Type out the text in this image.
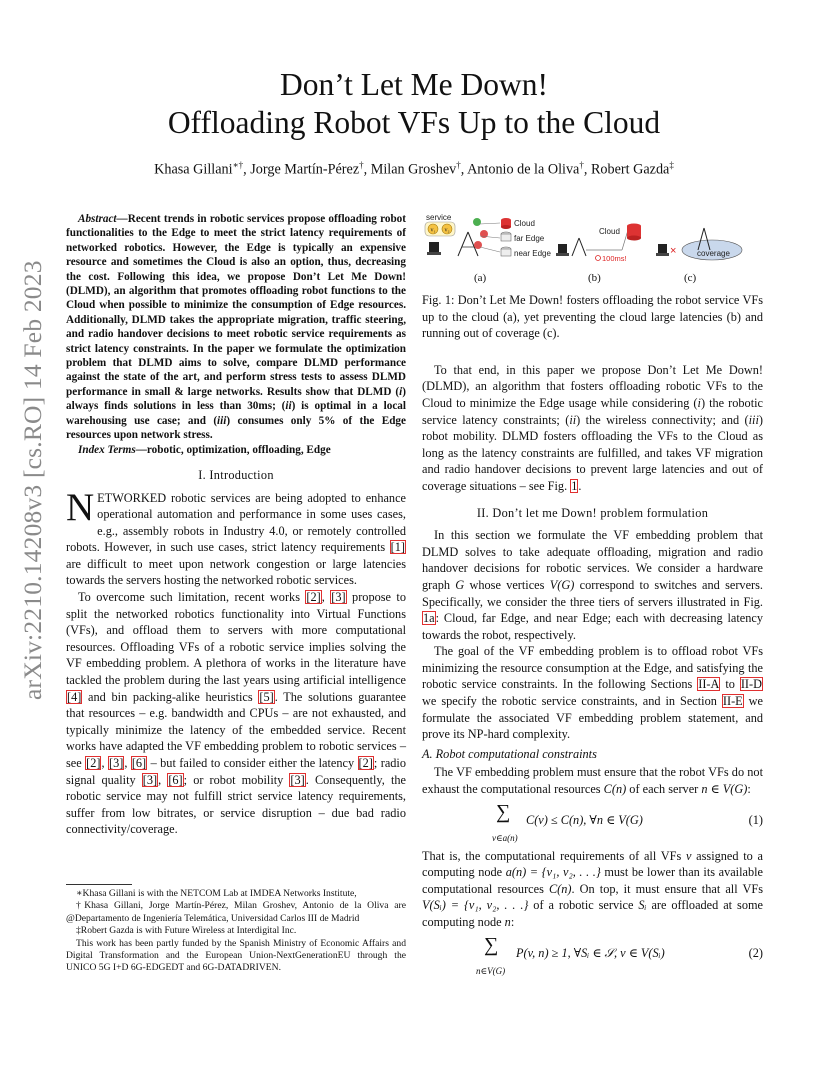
arXiv:2210.14208v3 [cs.RO] 14 Feb 2023
Don’t Let Me Down!
Offloading Robot VFs Up to the Cloud
Khasa Gillani∗†, Jorge Martín-Pérez†, Milan Groshev†, Antonio de la Oliva†, Robert Gazda‡

Abstract—Recent trends in robotic services propose offloading robot functionalities to the Edge to meet the strict latency requirements of networked robotics. However, the Edge is typically an expensive resource and sometimes the Cloud is also an option, thus, decreasing the cost. Following this idea, we propose Don’t Let Me Down! (DLMD), an algorithm that promotes offloading robot functions to the Cloud when possible to minimize the consumption of Edge resources. Additionally, DLMD takes the appropriate migration, traffic steering, and radio handover decisions to meet robotic service requirements as strict latency constraints. In the paper we formulate the optimization problem that DLMD aims to solve, compare DLMD performance against the state of the art, and perform stress tests to assess DLMD performance in small & large networks. Results show that DLMD (i) always finds solutions in less than 30ms; (ii) is optimal in a local warehousing use case; and (iii) consumes only 5% of the Edge resources upon network stress.

Index Terms—robotic, optimization, offloading, Edge

I. Introduction

NETWORKED robotic services are being adopted to enhance operational automation and performance in some uses cases, e.g., assembly robots in Industry 4.0, or remotely controlled robots. However, in such use cases, strict latency requirements [1] are difficult to meet upon network congestion or large latencies towards the servers hosting the networked robotic services.

To overcome such limitation, recent works [2], [3] propose to split the networked robotics functionality into Virtual Functions (VFs), and offload them to servers with more computational resources. Offloading VFs of a robotic service implies solving the VF embedding problem. A plethora of works in the literature have tackled the problem during the last years using artificial intelligence [4] and bin packing-alike heuristics [5]. The solutions guarantee that resources – e.g. bandwidth and CPUs – are not exhausted, and typically minimize the latency of the embedded service. Recent works have adapted the VF embedding problem to robotic services – see [2], [3], [6] – but failed to consider either the latency [2]; radio signal quality [3], [6]; or robot mobility [3]. Consequently, the robotic service may not fulfill strict service latency requirements, suffer from low bitrates, or service disruption – due bad radio connectivity/coverage.

∗Khasa Gillani is with the NETCOM Lab at IMDEA Networks Institute,
†Khasa Gillani, Jorge Martín-Pérez, Milan Groshev, Antonio de la Oliva are @Departamento de Ingeniería Telemática, Universidad Carlos III de Madrid
‡Robert Gazda is with Future Wireless at Interdigital Inc.
This work has been partly funded by the Spanish Ministry of Economic Affairs and Digital Transformation and the European Union-NextGenerationEU through the UNICO 5G I+D 6G-EDGEDT and 6G-DATADRIVEN.
service
v₁ v₂
Cloud
far Edge
near Edge
Cloud
100ms!
×	coverage
(a)	(b)	(c)
Fig. 1: Don’t Let Me Down! fosters offloading the robot service VFs up to the cloud (a), yet preventing the cloud large latencies (b) and running out of coverage (c).

To that end, in this paper we propose Don’t Let Me Down! (DLMD), an algorithm that fosters offloading robotic VFs to the Cloud to minimize the Edge usage while considering (i) the robotic service latency constraints; (ii) the wireless connectivity; and (iii) robot mobility. DLMD fosters offloading the VFs to the Cloud as long as the latency constraints are fulfilled, and takes VF migration and radio handover decisions to prevent large latencies and out of coverage situations – see Fig. 1.

II. Don’t let me Down! problem formulation

In this section we formulate the VF embedding problem that DLMD solves to take adequate offloading, migration and radio handover decisions for robotic services. We consider a hardware graph G whose vertices V(G) correspond to switches and servers. Specifically, we consider the three tiers of servers illustrated in Fig. 1a: Cloud, far Edge, and near Edge; each with decreasing latency towards the robot, respectively.

The goal of the VF embedding problem is to offload robot VFs minimizing the resource consumption at the Edge, and satisfying the robotic service constraints. In the following Sections II-A to II-D we specify the robotic service constraints, and in Section II-E we formulate the associated VF embedding problem statement, and prove its NP-hard complexity.

A. Robot computational constraints

The VF embedding problem must ensure that the robot VFs do not exhaust the computational resources C(n) of each server n ∈ V(G):

∑
v∈a(n)
C(v) ≤ C(n), ∀n ∈ V(G)	(1)

That is, the computational requirements of all VFs v assigned to a computing node a(n) = {v₁, v₂, . . .} must be lower than its available computational resources C(n). On top, it must ensure that all VFs V(Sᵢ) = {v₁, v₂, . . .} of a robotic service Sᵢ are offloaded at some computing node n:

∑
n∈V(G)
P(v, n) ≥ 1, ∀Sᵢ ∈ 𝒮, v ∈ V(Sᵢ)	(2)
